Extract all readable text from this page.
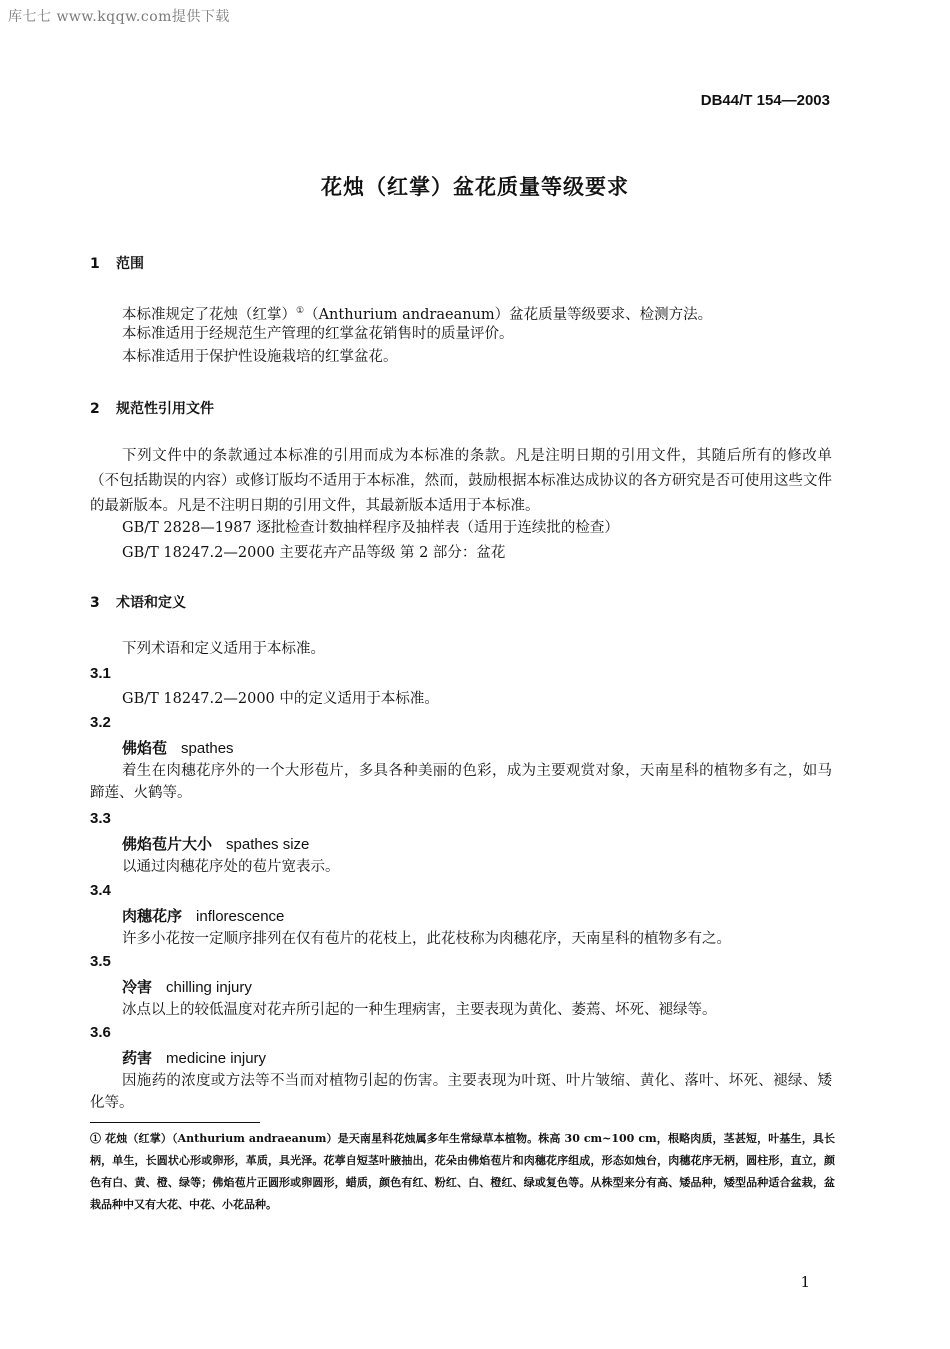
库七七 www.kqqw.com提供下载
DB44/T 154—2003
花烛（红掌）盆花质量等级要求
1 范围
本标准规定了花烛（红掌）①（Anthurium andraeanum）盆花质量等级要求、检测方法。
本标准适用于经规范生产管理的红掌盆花销售时的质量评价。
本标准适用于保护性设施栽培的红掌盆花。
2 规范性引用文件
下列文件中的条款通过本标准的引用而成为本标准的条款。凡是注明日期的引用文件，其随后所有的修改单（不包括勘误的内容）或修订版均不适用于本标准，然而，鼓励根据本标准达成协议的各方研究是否可使用这些文件的最新版本。凡是不注明日期的引用文件，其最新版本适用于本标准。
GB/T 2828—1987 逐批检查计数抽样程序及抽样表（适用于连续批的检查）
GB/T 18247.2—2000 主要花卉产品等级 第 2 部分：盆花
3 术语和定义
下列术语和定义适用于本标准。
3.1
GB/T 18247.2—2000 中的定义适用于本标准。
3.2
佛焰苞 spathes
着生在肉穗花序外的一个大形苞片，多具各种美丽的色彩，成为主要观赏对象，天南星科的植物多有之，如马蹄莲、火鹤等。
3.3
佛焰苞片大小 spathes size
以通过肉穗花序处的苞片宽表示。
3.4
肉穗花序 inflorescence
许多小花按一定顺序排列在仅有苞片的花枝上，此花枝称为肉穗花序，天南星科的植物多有之。
3.5
冷害 chilling injury
冰点以上的较低温度对花卉所引起的一种生理病害，主要表现为黄化、萎蔫、坏死、褪绿等。
3.6
药害 medicine injury
因施药的浓度或方法等不当而对植物引起的伤害。主要表现为叶斑、叶片皱缩、黄化、落叶、坏死、褪绿、矮化等。
① 花烛（红掌）（Anthurium andraeanum）是天南星科花烛属多年生常绿草本植物。株高 30 cm~100 cm，根略肉质，茎甚短，叶基生，具长柄，单生，长圆状心形或卵形，革质，具光泽。花葶自短茎叶腋抽出，花朵由佛焰苞片和肉穗花序组成，形态如烛台，肉穗花序无柄，圆柱形，直立，颜色有白、黄、橙、绿等；佛焰苞片正圆形或卵圆形，蜡质，颜色有红、粉红、白、橙红、绿或复色等。从株型来分有高、矮品种，矮型品种适合盆栽，盆栽品种中又有大花、中花、小花品种。
1
